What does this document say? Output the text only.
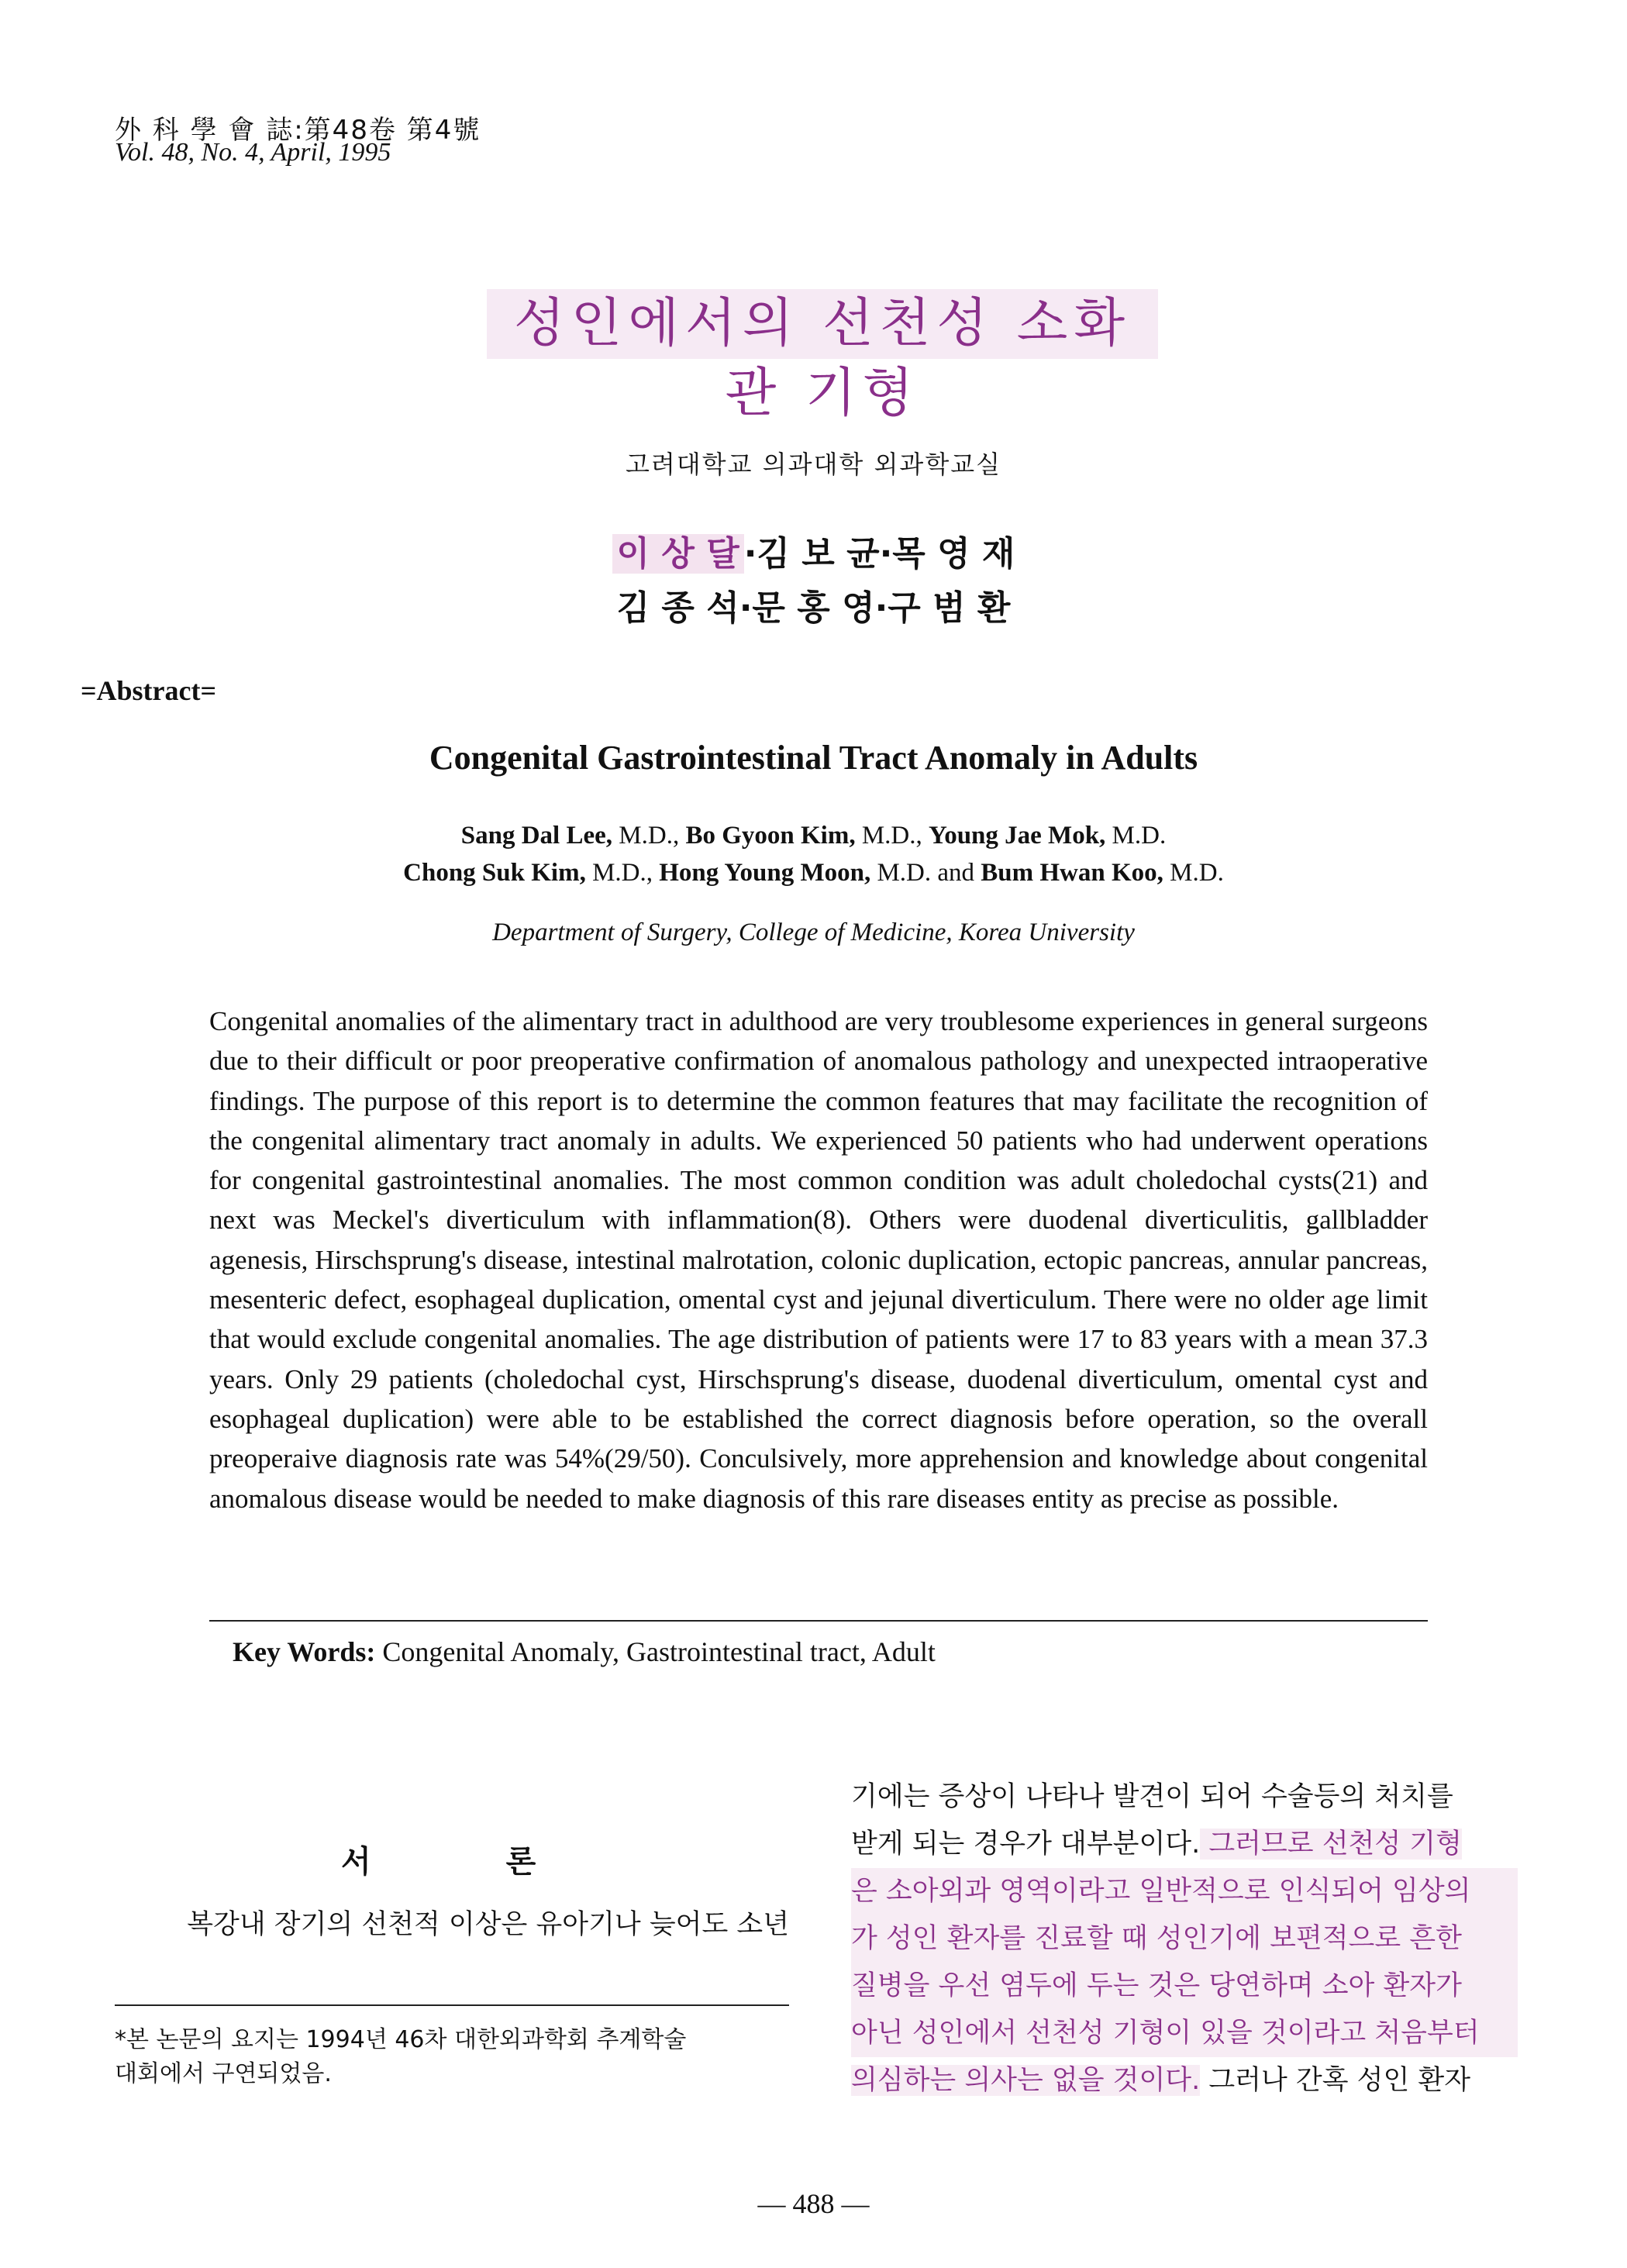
外 科 學 會 誌:第48卷 第4號
Vol. 48, No. 4, April, 1995
성인에서의 선천성 소화관 기형
고려대학교 의과대학 외과학교실
이 상 달 ·김 보 균·목 영 재
김 종 석·문 홍 영·구 범 환
=Abstract=
Congenital Gastrointestinal Tract Anomaly in Adults
Sang Dal Lee, M.D., Bo Gyoon Kim, M.D., Young Jae Mok, M.D.
Chong Suk Kim, M.D., Hong Young Moon, M.D. and Bum Hwan Koo, M.D.
Department of Surgery, College of Medicine, Korea University
Congenital anomalies of the alimentary tract in adulthood are very troublesome experiences in general surgeons due to their difficult or poor preoperative confirmation of anomalous pathology and unexpected intraoperative findings. The purpose of this report is to determine the common features that may facilitate the recognition of the congenital alimentary tract anomaly in adults. We experienced 50 patients who had underwent operations for congenital gastrointestinal anomalies. The most common condition was adult choledochal cysts(21) and next was Meckel's diverticulum with inflammation(8). Others were duodenal diverticulitis, gallbladder agenesis, Hirschsprung's disease, intestinal malrotation, colonic duplication, ectopic pancreas, annular pancreas, mesenteric defect, esophageal duplication, omental cyst and jejunal diverticulum. There were no older age limit that would exclude congenital anomalies. The age distribution of patients were 17 to 83 years with a mean 37.3 years. Only 29 patients (choledochal cyst, Hirschsprung's disease, duodenal diverticulum, omental cyst and esophageal duplication) were able to be established the correct diagnosis before operation, so the overall preoperaive diagnosis rate was 54%(29/50). Conculsively, more apprehension and knowledge about congenital anomalous disease would be needed to make diagnosis of this rare diseases entity as precise as possible.
Key Words: Congenital Anomaly, Gastrointestinal tract, Adult
서 론
복강내 장기의 선천적 이상은 유아기나 늦어도 소년
*본 논문의 요지는 1994년 46차 대한외과학회 추계학술
대회에서 구연되었음.
기에는 증상이 나타나 발견이 되어 수술등의 처치를
받게 되는 경우가 대부분이다. 그러므로 선천성 기형
은 소아외과 영역이라고 일반적으로 인식되어 임상의
가 성인 환자를 진료할 때 성인기에 보편적으로 흔한
질병을 우선 염두에 두는 것은 당연하며 소아 환자가
아닌 성인에서 선천성 기형이 있을 것이라고 처음부터
의심하는 의사는 없을 것이다. 그러나 간혹 성인 환자
— 488 —
